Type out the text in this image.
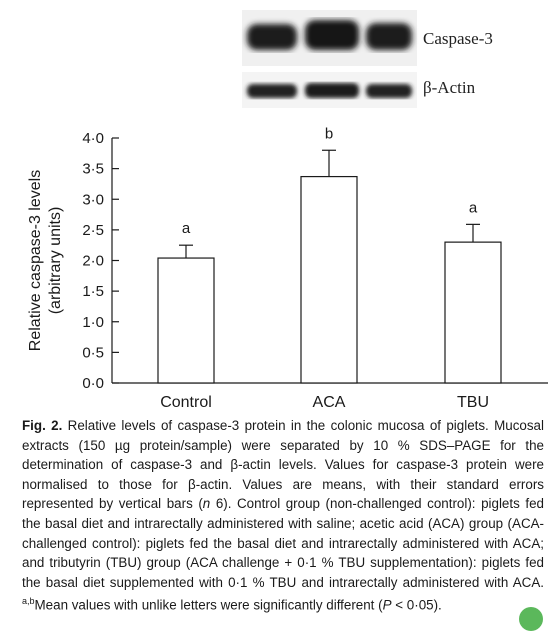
Caspase-3
β-Actin
0·0
0·5
1·0
1·5
2·0
2·5
3·0
3·5
4·0
Relative caspase-3 levels (arbitrary units)	a
Control
b
ACA
a
TBU
Fig. 2. Relative levels of caspase-3 protein in the colonic mucosa of piglets. Mucosal extracts (150 µg protein/sample) were separated by 10 % SDS–PAGE for the determination of caspase-3 and β-actin levels. Values for caspase-3 protein were normalised to those for β-actin. Values are means, with their standard errors represented by vertical bars (n 6). Control group (non-challenged control): piglets fed the basal diet and intrarectally administered with saline; acetic acid (ACA) group (ACA-challenged control): piglets fed the basal diet and intrarectally administered with ACA; and tributyrin (TBU) group (ACA challenge + 0·1 % TBU supplementation): piglets fed the basal diet supplemented with 0·1 % TBU and intrarectally administered with ACA. $^{a,b}$Mean values with unlike letters were significantly different (P < 0·05).
